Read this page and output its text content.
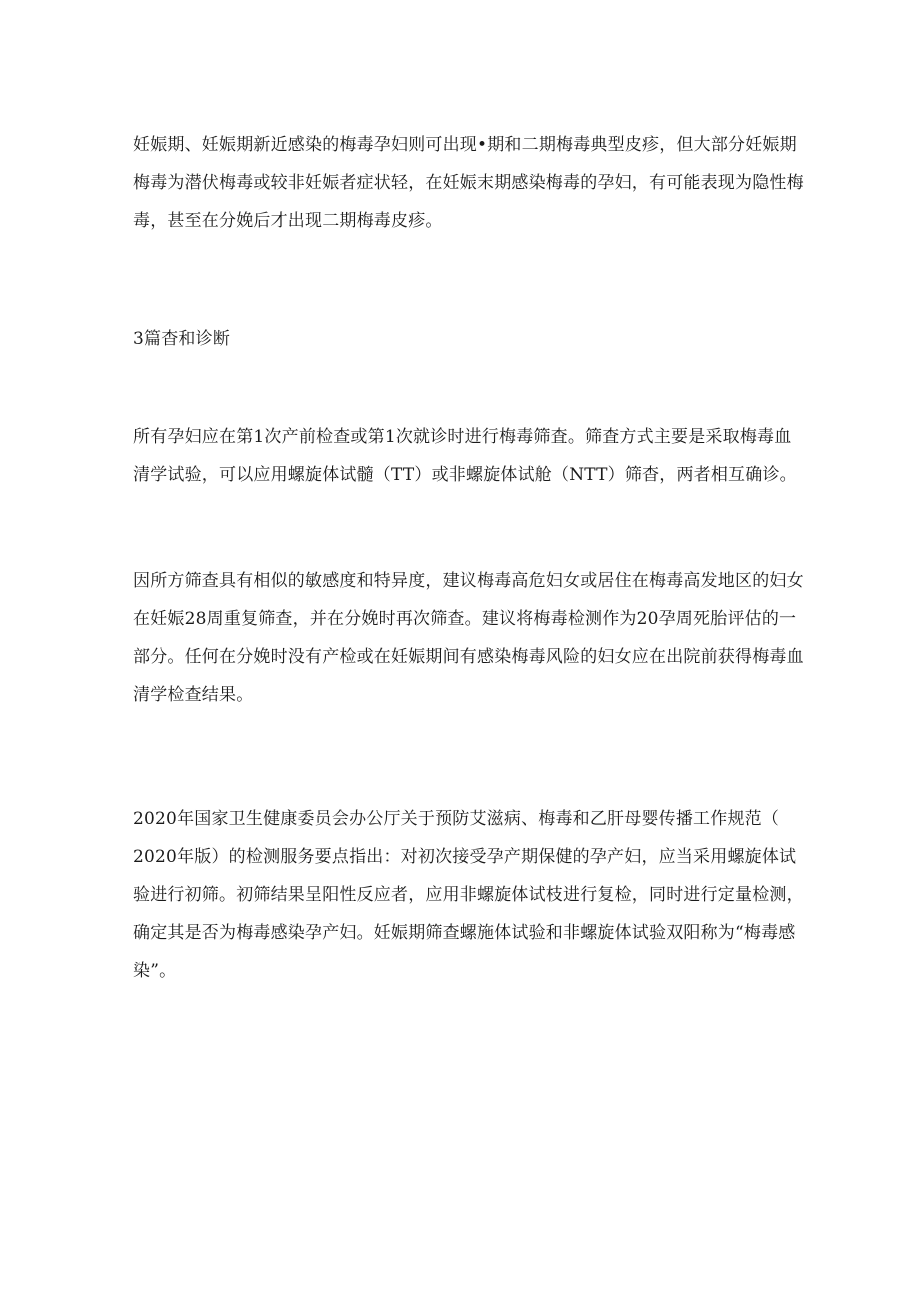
妊娠期、妊娠期新近感染的梅毒孕妇则可出现•期和二期梅毒典型皮疹，但大部分妊娠期
梅毒为潜伏梅毒或较非妊娠者症状轻，在妊娠末期感染梅毒的孕妇，有可能表现为隐性梅
毒，甚至在分娩后才出现二期梅毒皮疹。

3篇杳和诊断

所有孕妇应在第1次产前检查或第1次就诊时进行梅毒筛査。筛査方式主要是采取梅毒血
清学试验，可以应用螺旋体试髓（TT）或非螺旋体试舱（NTT）筛杳，两者相互确诊。

因所方筛查具有相似的敏感度和特异度，建议梅毒高危妇女或居住在梅毒高发地区的妇女
在妊娠28周重复筛查，并在分娩时再次筛查。建议将梅毒检测作为20孕周死胎评估的一
部分。任何在分娩时没有产检或在妊娠期间有感染梅毒风险的妇女应在出院前获得梅毒血
清学检查结果。

2020年国家卫生健康委员会办公厅关于预防艾滋病、梅毒和乙肝母婴传播工作规范（
2020年版）的检测服务要点指出：对初次接受孕产期保健的孕产妇，应当采用螺旋体试
验进行初筛。初筛结果呈阳性反应者，应用非螺旋体试枝进行复检，同时进行定量检测，
确定其是否为梅毒感染孕产妇。妊娠期筛查螺施体试验和非螺旋体试验双阳称为“梅毒感
染”。
